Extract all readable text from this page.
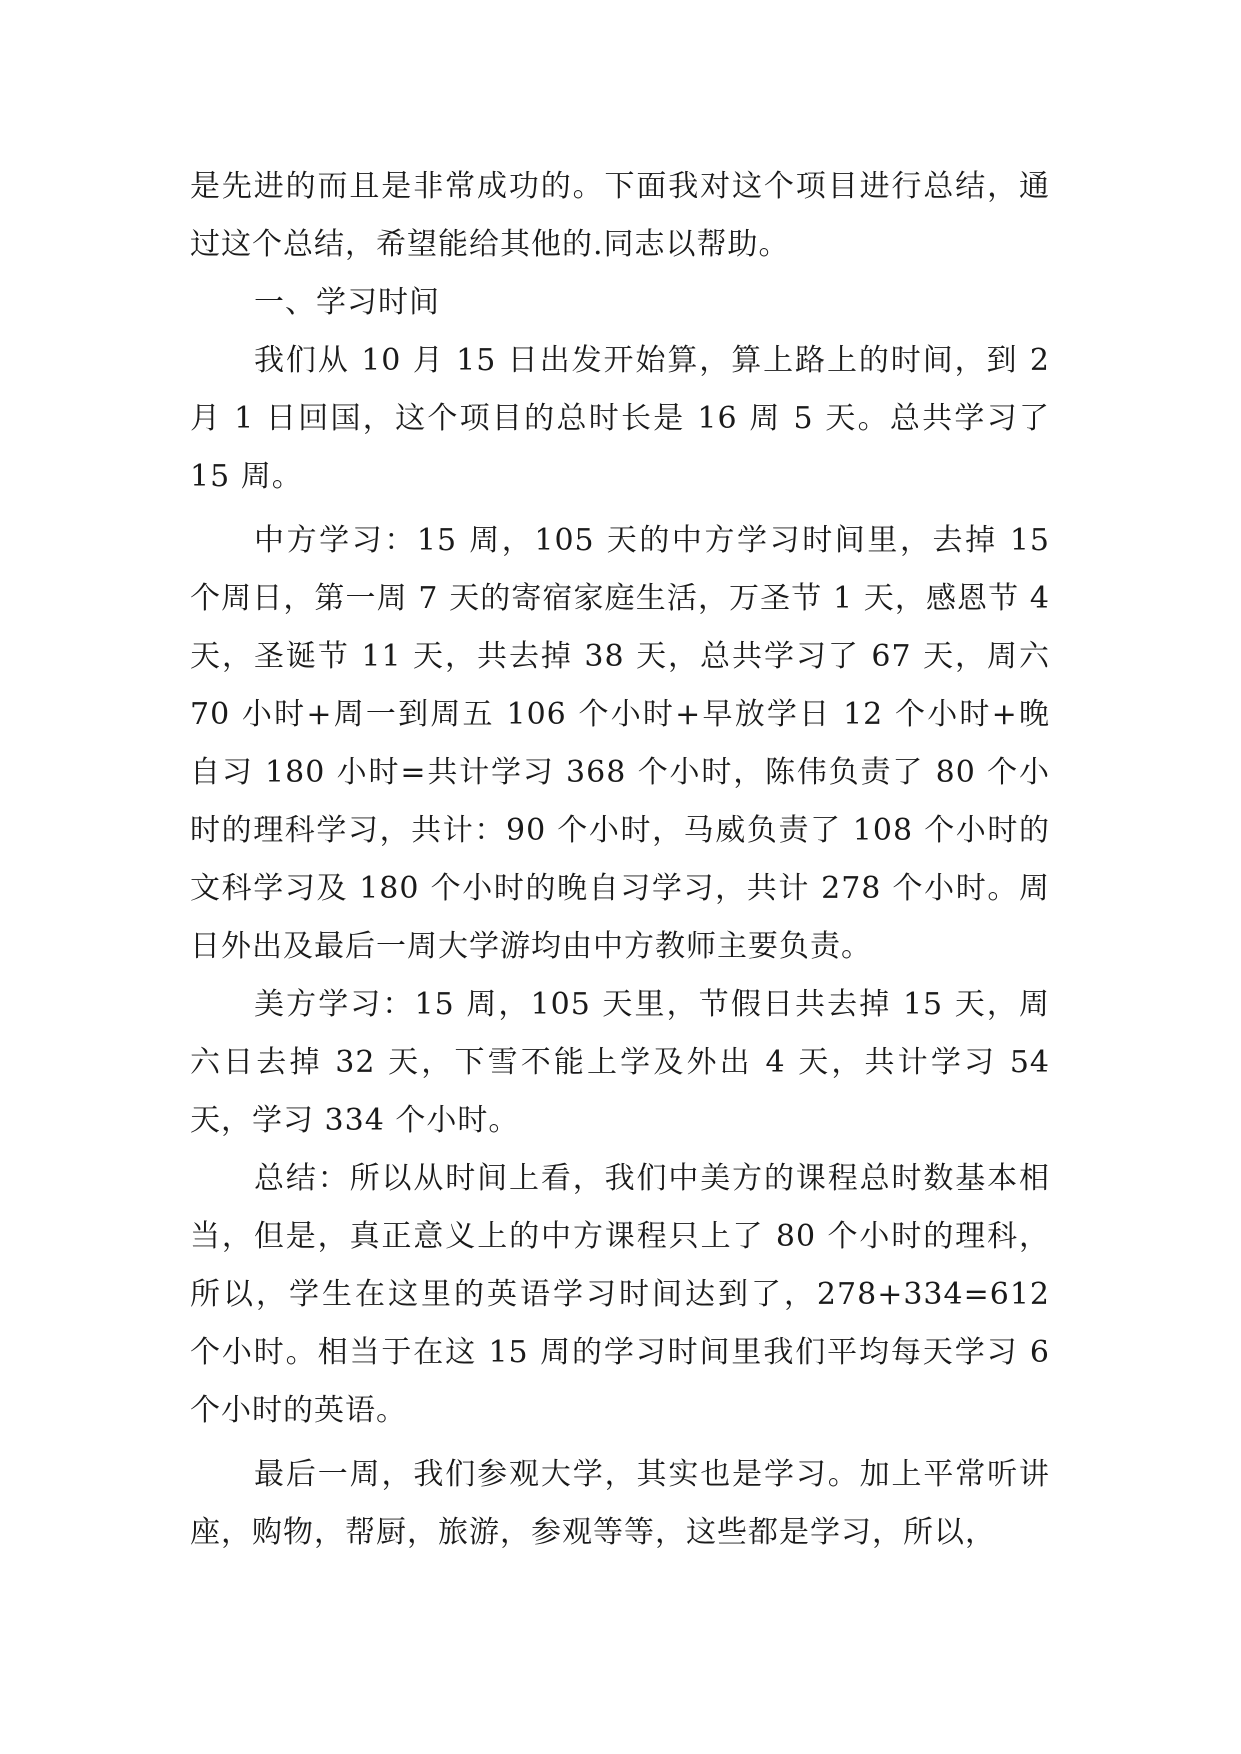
是先进的而且是非常成功的。下面我对这个项目进行总结，通过这个总结，希望能给其他的.同志以帮助。

一、学习时间

我们从 10 月 15 日出发开始算，算上路上的时间，到 2 月 1 日回国，这个项目的总时长是 16 周 5 天。总共学习了 15 周。

中方学习：15 周，105 天的中方学习时间里，去掉 15 个周日，第一周 7 天的寄宿家庭生活，万圣节 1 天，感恩节 4 天，圣诞节 11 天，共去掉 38 天，总共学习了 67 天，周六 70 小时+周一到周五 106 个小时+早放学日 12 个小时+晚自习 180 小时=共计学习 368 个小时，陈伟负责了 80 个小时的理科学习，共计：90 个小时，马威负责了 108 个小时的文科学习及 180 个小时的晚自习学习，共计 278 个小时。周日外出及最后一周大学游均由中方教师主要负责。

美方学习：15 周，105 天里，节假日共去掉 15 天，周六日去掉 32 天，下雪不能上学及外出 4 天，共计学习 54 天，学习 334 个小时。

总结：所以从时间上看，我们中美方的课程总时数基本相当，但是，真正意义上的中方课程只上了 80 个小时的理科，所以，学生在这里的英语学习时间达到了，278+334=612 个小时。相当于在这 15 周的学习时间里我们平均每天学习 6 个小时的英语。

最后一周，我们参观大学，其实也是学习。加上平常听讲座，购物，帮厨，旅游，参观等等，这些都是学习，所以，
